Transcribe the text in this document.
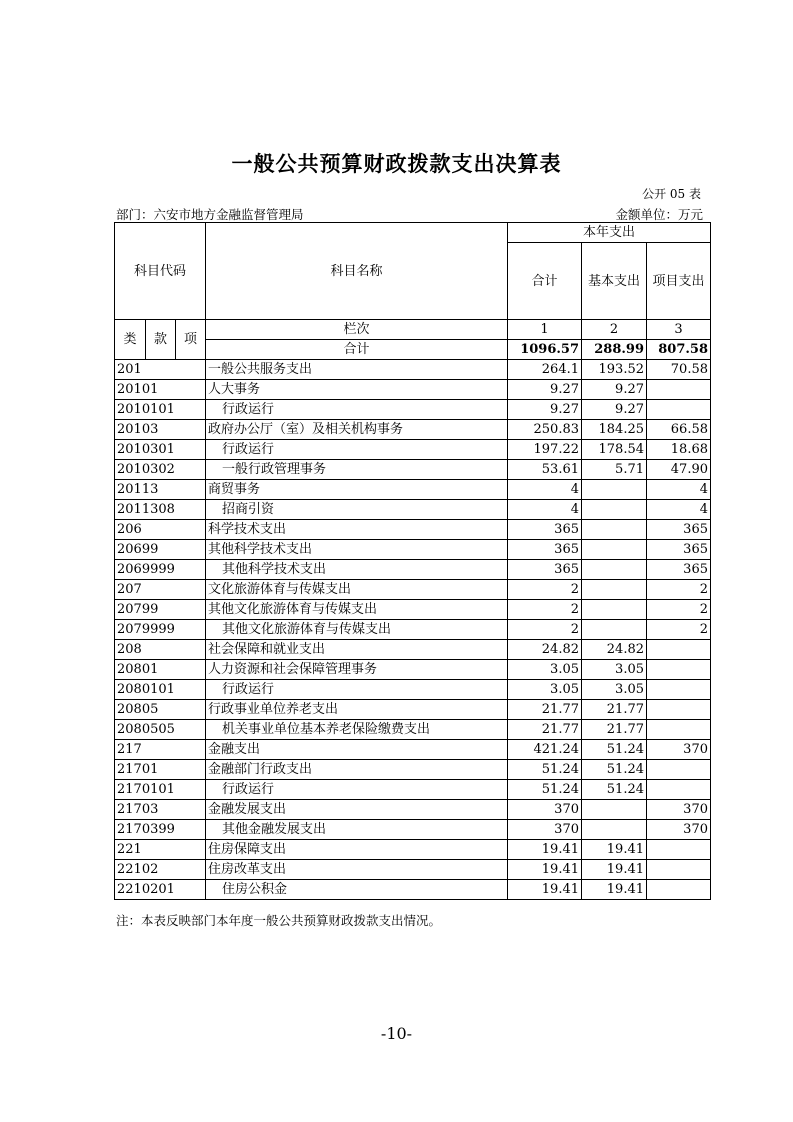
一般公共预算财政拨款支出决算表
公开 05 表
部门：六安市地方金融监督管理局	金额单位：万元
科目代码			科目名称	本年支出		
				合计	基本支出	项目支出

类	款	项	栏次	1	2	3
			合计	1096.57	288.99	807.58
201			一般公共服务支出	264.1	193.52	70.58
20101			人大事务	9.27	9.27	
2010101			行政运行	9.27	9.27	
20103			政府办公厅（室）及相关机构事务	250.83	184.25	66.58
2010301			行政运行	197.22	178.54	18.68
2010302			一般行政管理事务	53.61	5.71	47.90
20113			商贸事务	4		4
2011308			招商引资	4		4
206			科学技术支出	365		365
20699			其他科学技术支出	365		365
2069999			其他科学技术支出	365		365
207			文化旅游体育与传媒支出	2		2
20799			其他文化旅游体育与传媒支出	2		2
2079999			其他文化旅游体育与传媒支出	2		2
208			社会保障和就业支出	24.82	24.82	
20801			人力资源和社会保障管理事务	3.05	3.05	
2080101			行政运行	3.05	3.05	
20805			行政事业单位养老支出	21.77	21.77	
2080505			机关事业单位基本养老保险缴费支出	21.77	21.77	
217			金融支出	421.24	51.24	370
21701			金融部门行政支出	51.24	51.24	
2170101			行政运行	51.24	51.24	
21703			金融发展支出	370		370
2170399			其他金融发展支出	370		370
221			住房保障支出	19.41	19.41	
22102			住房改革支出	19.41	19.41	
2210201			住房公积金	19.41	19.41	
注：本表反映部门本年度一般公共预算财政拨款支出情况。
-10-
